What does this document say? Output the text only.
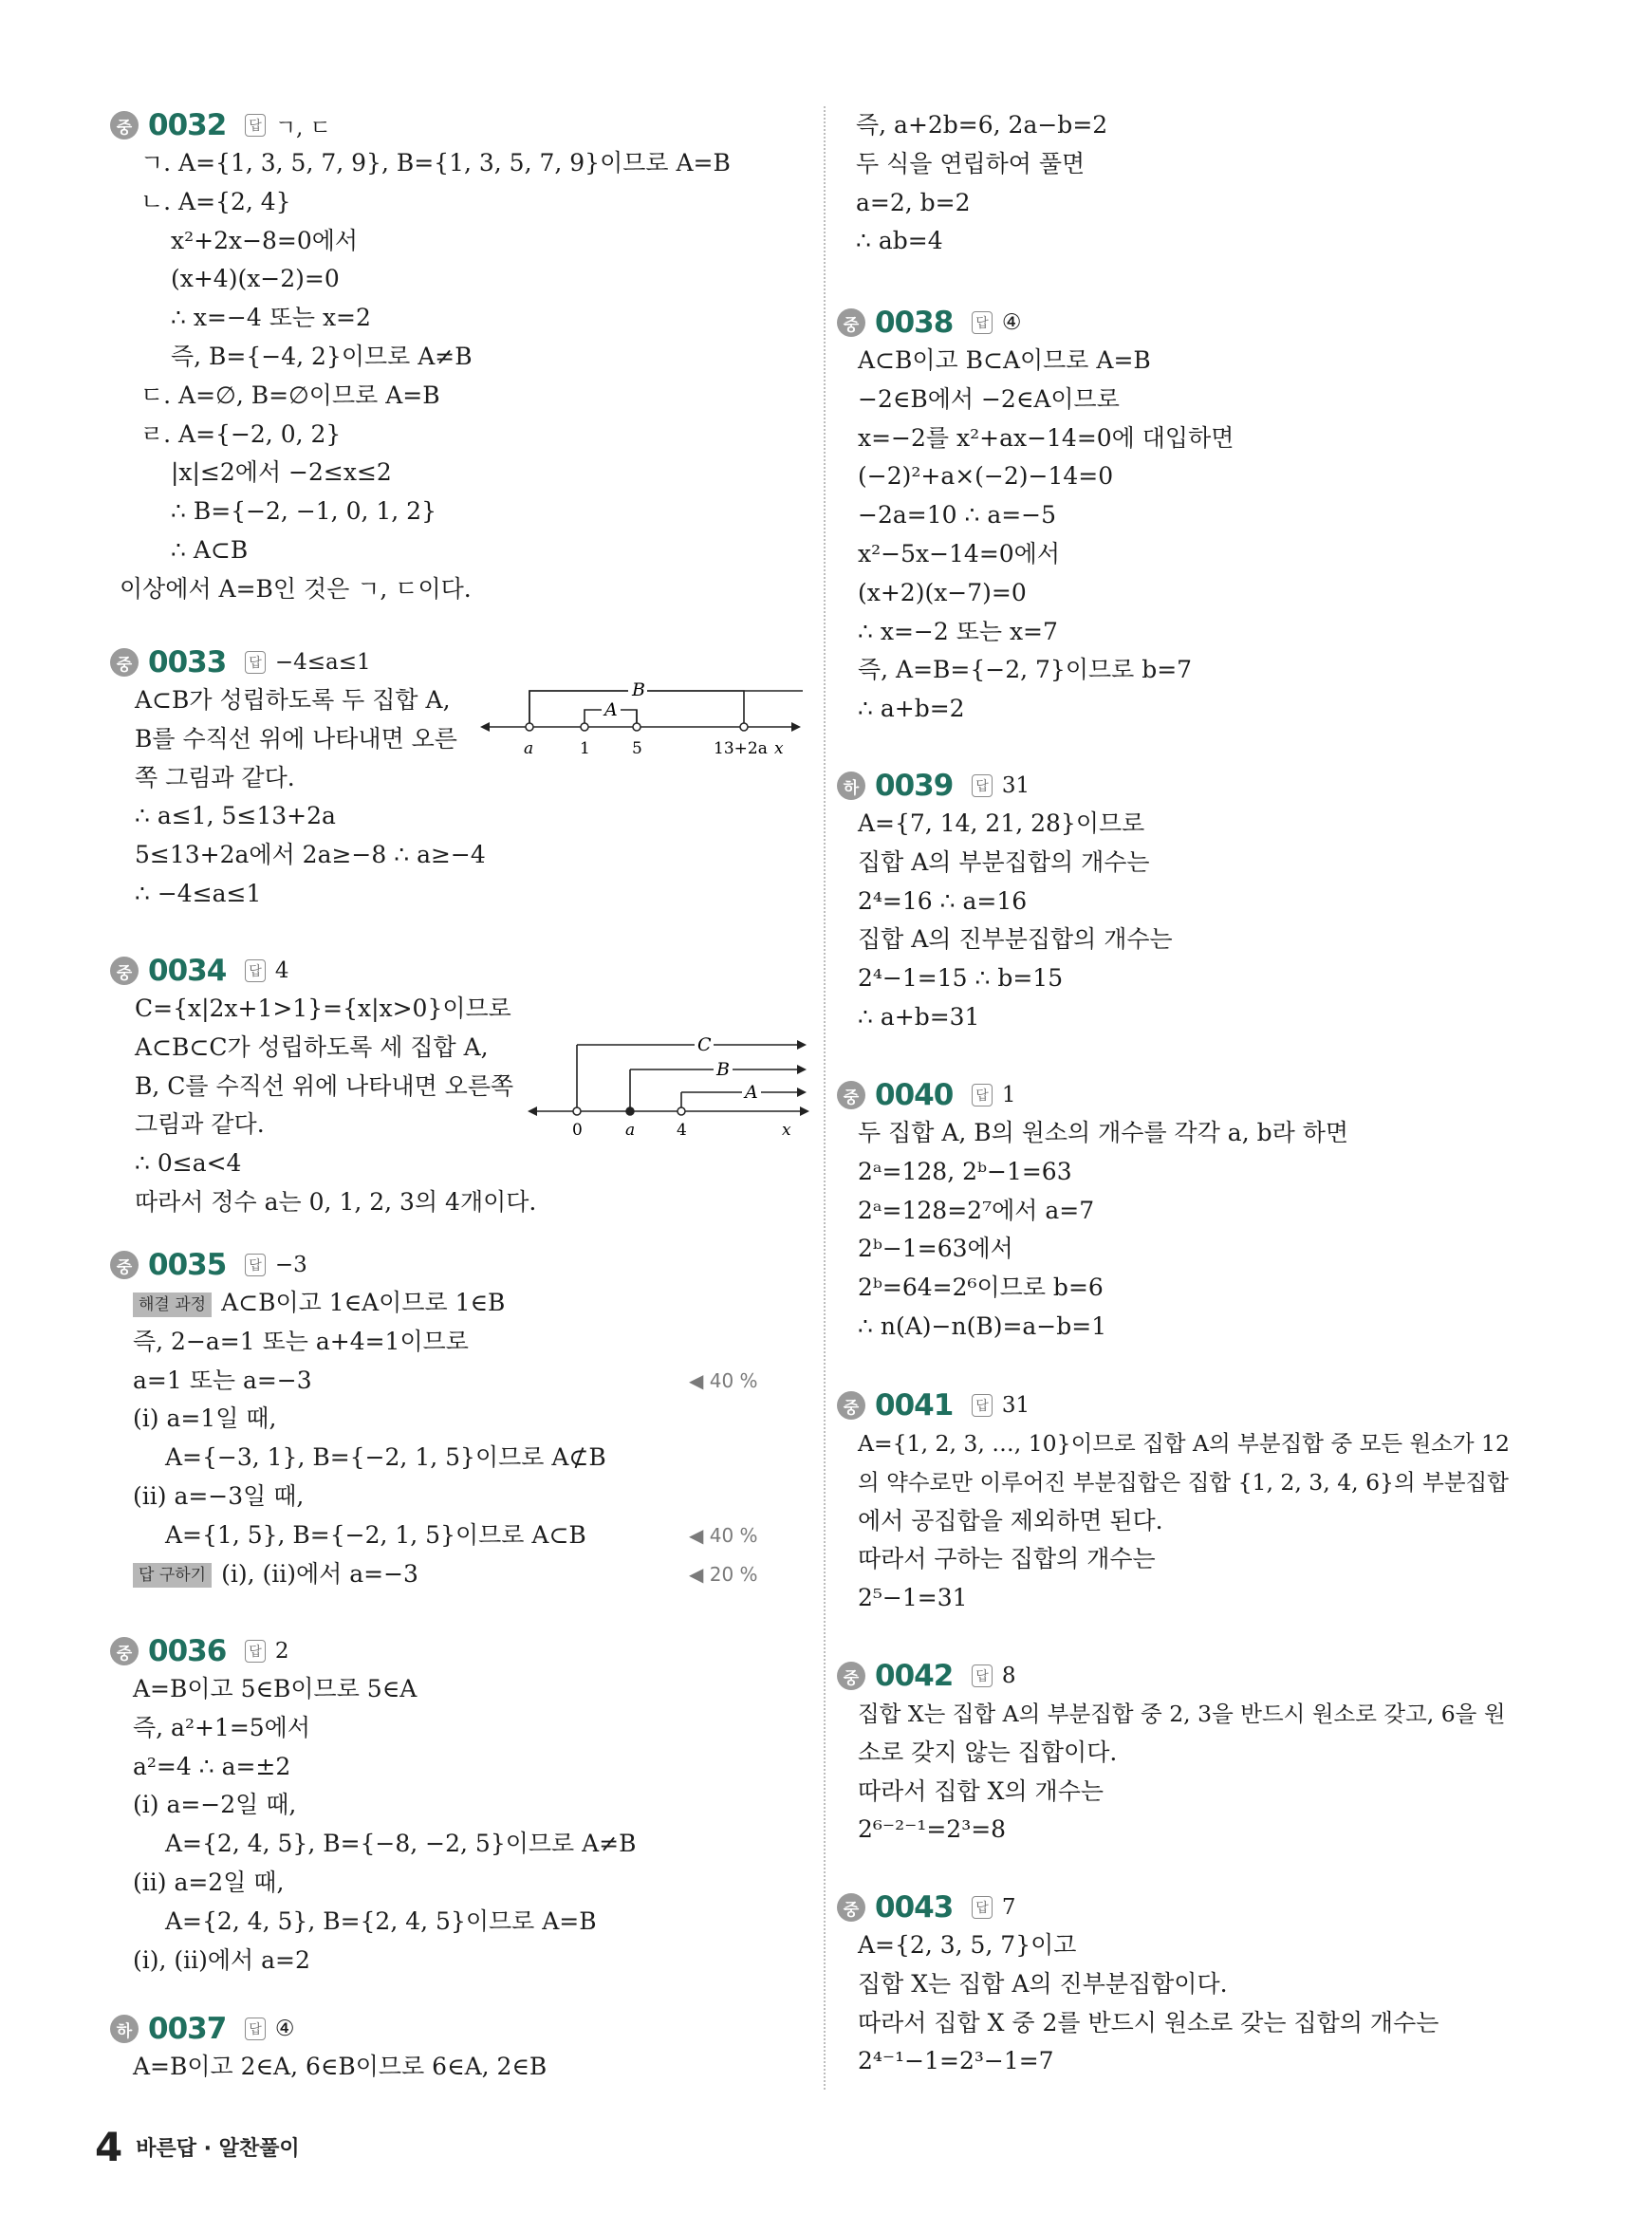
중 0032 답 ㄱ, ㄷ
ㄱ. A={1, 3, 5, 7, 9}, B={1, 3, 5, 7, 9}이므로 A=B
ㄴ. A={2, 4}
x²+2x−8=0에서
(x+4)(x−2)=0
∴ x=−4 또는 x=2
즉, B={−4, 2}이므로 A≠B
ㄷ. A=∅, B=∅이므로 A=B
ㄹ. A={−2, 0, 2}
|x|≤2에서 −2≤x≤2
∴ B={−2, −1, 0, 1, 2}
∴ A⊂B
이상에서 A=B인 것은 ㄱ, ㄷ이다.
중 0033 답 −4≤a≤1
A⊂B가 성립하도록 두 집합 A,
B를 수직선 위에 나타내면 오른
쪽 그림과 같다.
∴ a≤1, 5≤13+2a
5≤13+2a에서 2a≥−8 ∴ a≥−4
∴ −4≤a≤1
B
A
a	1	5	13+2a x
중 0034 답 4
C={x|2x+1>1}={x|x>0}이므로
A⊂B⊂C가 성립하도록 세 집합 A,
B, C를 수직선 위에 나타내면 오른쪽
그림과 같다.
∴ 0≤a<4
따라서 정수 a는 0, 1, 2, 3의 4개이다.
C
B
A
0	a	4	x
중 0035 답 −3
해결 과정 A⊂B이고 1∈A이므로 1∈B
즉, 2−a=1 또는 a+4=1이므로
a=1 또는 a=−3	◀ 40 %
(i) a=1일 때,
A={−3, 1}, B={−2, 1, 5}이므로 A⊄B
(ii) a=−3일 때,
A={1, 5}, B={−2, 1, 5}이므로 A⊂B	◀ 40 %
답 구하기 (i), (ii)에서 a=−3	◀ 20 %
중 0036 답 2
A=B이고 5∈B이므로 5∈A
즉, a²+1=5에서
a²=4 ∴ a=±2
(i) a=−2일 때,
A={2, 4, 5}, B={−8, −2, 5}이므로 A≠B
(ii) a=2일 때,
A={2, 4, 5}, B={2, 4, 5}이므로 A=B
(i), (ii)에서 a=2
하 0037 답 ④
A=B이고 2∈A, 6∈B이므로 6∈A, 2∈B
즉, a+2b=6, 2a−b=2
두 식을 연립하여 풀면
a=2, b=2
∴ ab=4
중 0038 답 ④
A⊂B이고 B⊂A이므로 A=B
−2∈B에서 −2∈A이므로
x=−2를 x²+ax−14=0에 대입하면
(−2)²+a×(−2)−14=0
−2a=10 ∴ a=−5
x²−5x−14=0에서
(x+2)(x−7)=0
∴ x=−2 또는 x=7
즉, A=B={−2, 7}이므로 b=7
∴ a+b=2
하 0039 답 31
A={7, 14, 21, 28}이므로
집합 A의 부분집합의 개수는
2⁴=16 ∴ a=16
집합 A의 진부분집합의 개수는
2⁴−1=15 ∴ b=15
∴ a+b=31
중 0040 답 1
두 집합 A, B의 원소의 개수를 각각 a, b라 하면
2ᵃ=128, 2ᵇ−1=63
2ᵃ=128=2⁷에서 a=7
2ᵇ−1=63에서
2ᵇ=64=2⁶이므로 b=6
∴ n(A)−n(B)=a−b=1
중 0041 답 31
A={1, 2, 3, …, 10}이므로 집합 A의 부분집합 중 모든 원소가 12
의 약수로만 이루어진 부분집합은 집합 {1, 2, 3, 4, 6}의 부분집합
에서 공집합을 제외하면 된다.
따라서 구하는 집합의 개수는
2⁵−1=31
중 0042 답 8
집합 X는 집합 A의 부분집합 중 2, 3을 반드시 원소로 갖고, 6을 원
소로 갖지 않는 집합이다.
따라서 집합 X의 개수는
2⁶⁻²⁻¹=2³=8
중 0043 답 7
A={2, 3, 5, 7}이고
집합 X는 집합 A의 진부분집합이다.
따라서 집합 X 중 2를 반드시 원소로 갖는 집합의 개수는
2⁴⁻¹−1=2³−1=7
4 바른답 · 알찬풀이
